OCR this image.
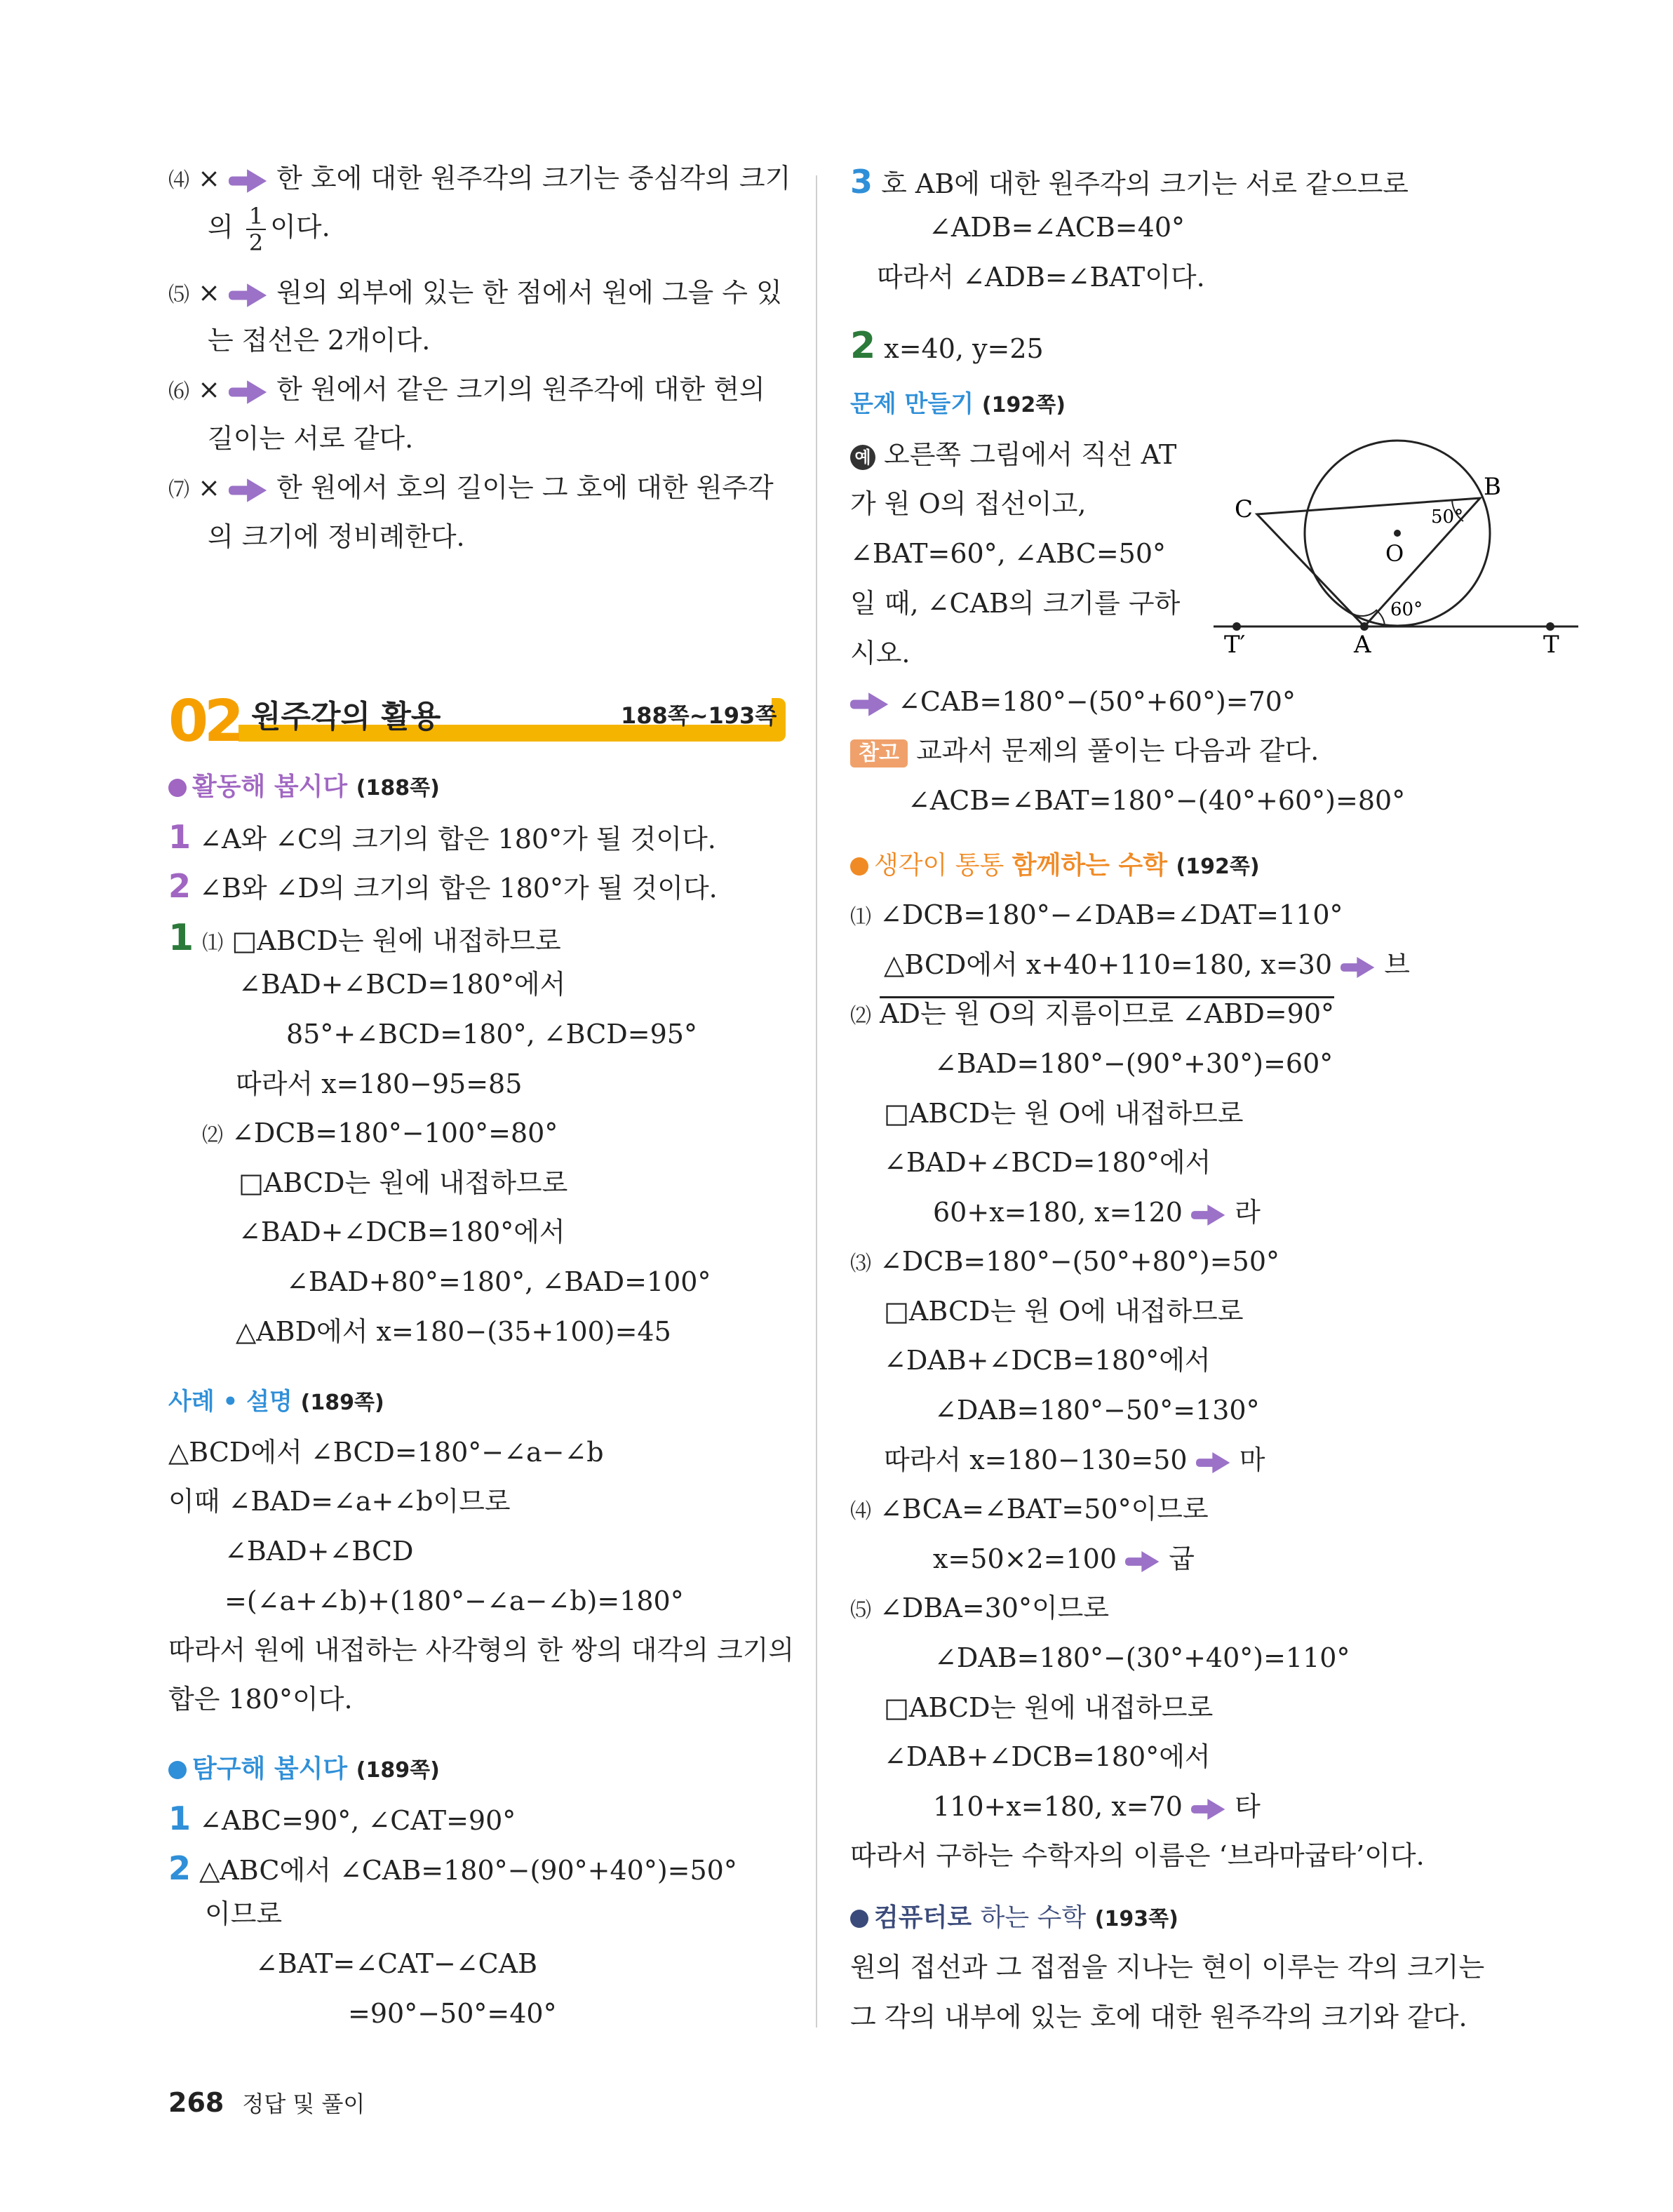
⑷ × 한 호에 대한 원주각의 크기는 중심각의 크기
의 $\frac{1}{2}$ 이다.
⑸ × 원의 외부에 있는 한 점에서 원에 그을 수 있
는 접선은 2개이다.
⑹ × 한 원에서 같은 크기의 원주각에 대한 현의
길이는 서로 같다.
⑺ × 한 원에서 호의 길이는 그 호에 대한 원주각
의 크기에 정비례한다.
02 원주각의 활용	188쪽~193쪽
활동해 봅시다 (188쪽)
1 ∠A와 ∠C의 크기의 합은 180°가 될 것이다.
2 ∠B와 ∠D의 크기의 합은 180°가 될 것이다.
1 ⑴ □ABCD는 원에 내접하므로
∠BAD+∠BCD=180°에서
85°+∠BCD=180°, ∠BCD=95°
따라서 x=180−95=85
⑵ ∠DCB=180°−100°=80°
□ABCD는 원에 내접하므로
∠BAD+∠DCB=180°에서
∠BAD+80°=180°, ∠BAD=100°
△ABD에서 x=180−(35+100)=45
사례 • 설명 (189쪽)
△BCD에서 ∠BCD=180°−∠a−∠b
이때 ∠BAD=∠a+∠b이므로
∠BAD+∠BCD
=(∠a+∠b)+(180°−∠a−∠b)=180°
따라서 원에 내접하는 사각형의 한 쌍의 대각의 크기의
합은 180°이다.
탐구해 봅시다 (189쪽)
1 ∠ABC=90°, ∠CAT=90°
2 △ABC에서 ∠CAB=180°−(90°+40°)=50°
이므로
∠BAT=∠CAT−∠CAB
=90°−50°=40°
268 정답 및 풀이
3 호 AB에 대한 원주각의 크기는 서로 같으므로
∠ADB=∠ACB=40°
따라서 ∠ADB=∠BAT이다.
2 x=40, y=25
문제 만들기 (192쪽)
예 오른쪽 그림에서 직선 AT
가 원 O의 접선이고,
∠BAT=60°, ∠ABC=50°
일 때, ∠CAB의 크기를 구하
시오.
O
B
C
A	T
T′
50°
60°
∠CAB=180°−(50°+60°)=70°
참고 교과서 문제의 풀이는 다음과 같다.
∠ACB=∠BAT=180°−(40°+60°)=80°
생각이 통통 함께하는 수학 (192쪽)
⑴ ∠DCB=180°−∠DAB=∠DAT=110°
△BCD에서 x+40+110=180, x=30 브
⑵ AD는 원 O의 지름이므로 ∠ABD=90°
∠BAD=180°−(90°+30°)=60°
□ABCD는 원 O에 내접하므로
∠BAD+∠BCD=180°에서
60+x=180, x=120 라
⑶ ∠DCB=180°−(50°+80°)=50°
□ABCD는 원 O에 내접하므로
∠DAB+∠DCB=180°에서
∠DAB=180°−50°=130°
따라서 x=180−130=50 마
⑷ ∠BCA=∠BAT=50°이므로
x=50×2=100 굽
⑸ ∠DBA=30°이므로
∠DAB=180°−(30°+40°)=110°
□ABCD는 원에 내접하므로
∠DAB+∠DCB=180°에서
110+x=180, x=70 타
따라서 구하는 수학자의 이름은 ‘브라마굽타’이다.
컴퓨터로 하는 수학 (193쪽)
원의 접선과 그 접점을 지나는 현이 이루는 각의 크기는
그 각의 내부에 있는 호에 대한 원주각의 크기와 같다.
